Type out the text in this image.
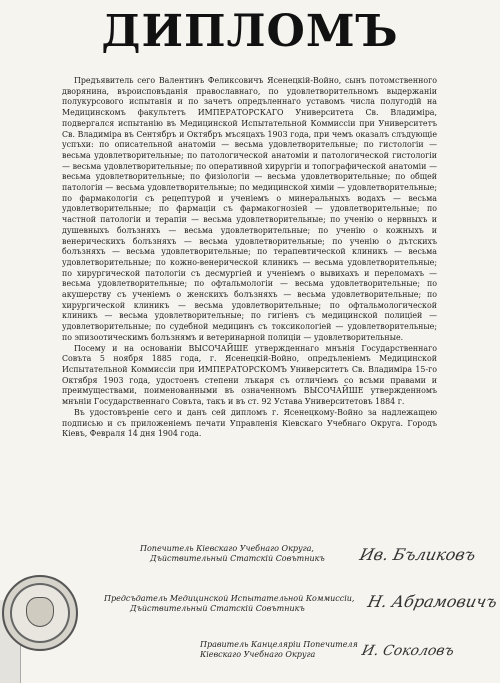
ДИПЛОМЪ

Предъявитель сего Валентинъ Феликсовичъ Ясенецкій-Войно, сынъ потомственного дворянина, въроисповъданія православнаго, по удовлетворительномъ выдержаніи полукурсового испытанія и по зачетъ опредъленнаго уставомъ числа полугодій на Медицинскомъ факультетъ ИМПЕРАТОРСКАГО Университета Св. Владиміра, подвергался испытанію въ Медицинской Испытательной Коммиссіи при Университетъ Св. Владиміра въ Сентябръ и Октябръ мъсяцахъ 1903 года, при чемъ оказалъ слъдующіе успъхи: по описательной анатоміи — весьма удовлетворительные; по гистологіи — весьма удовлетворительные; по патологической анатоміи и патологической гистологіи — весьма удовлетворительные; по оперативной хирургіи и топографической анатоміи — весьма удовлетворительные; по физіологіи — весьма удовлетворительные; по общей патологіи — весьма удовлетворительные; по медицинской химіи — удовлетворительные; по фармакологіи съ рецептурой и ученіемъ о минеральныхъ водахъ — весьма удовлетворительные; по фармаціи съ фармакогнозіей — удовлетворительные; по частной патологіи и терапіи — весьма удовлетворительные; по ученію о нервныхъ и душевныхъ болъзняхъ — весьма удовлетворительные; по ученію о кожныхъ и венерическихъ болъзняхъ — весьма удовлетворительные; по ученію о дътскихъ болъзняхъ — весьма удовлетворительные; по терапевтической клиникъ — весьма удовлетворительные; по кожно-венерической клиникъ — весьма удовлетворительные; по хирургической патологіи съ десмургіей и ученіемъ о вывихахъ и переломахъ — весьма удовлетворительные; по офтальмологіи — весьма удовлетворительные; по акушерству съ ученіемъ о женскихъ болъзняхъ — весьма удовлетворительные; по хирургической клиникъ — весьма удовлетворительные; по офтальмологической клиникъ — весьма удовлетворительные; по гигіенъ съ медицинской полиціей — удовлетворительные; по судебной медицинъ съ токсикологіей — удовлетворительные; по эпизоотическимъ болъзнямъ и ветеринарной полиціи — удовлетворительные.

Посему и на основаніи ВЫСОЧАЙШЕ утвержденнаго мнънія Государственнаго Совъта 5 ноября 1885 года, г. Ясенецкій-Войно, опредъленіемъ Медицинской Испытательной Коммиссіи при ИМПЕРАТОРСКОМЪ Университетъ Св. Владиміра 15-го Октября 1903 года, удостоенъ степени лъкаря съ отличіемъ со всъми правами и преимуществами, поименованными въ означенномъ ВЫСОЧАЙШЕ утвержденномъ мнъніи Государственнаго Совъта, такъ и въ ст. 92 Устава Университетовъ 1884 г.

Въ удостовъреніе сего и данъ сей дипломъ г. Ясенецкому-Войно за надлежащею подписью и съ приложеніемъ печати Управленія Кіевскаго Учебнаго Округа. Городъ Кіевъ, Февраля 14 дня 1904 года.

Попечитель Кіевскаго Учебнаго Округа,
Дъйствительный Статскій Совътникъ Ив. Бъликовъ
Предсъдатель Медицинской Испытательной Коммиссіи,
Дъйствительный Статскій Совътникъ	Н. Абрамовичъ
Правитель Канцеляріи Попечителя
Кіевскаго Учебнаго Округа	И. Соколовъ
